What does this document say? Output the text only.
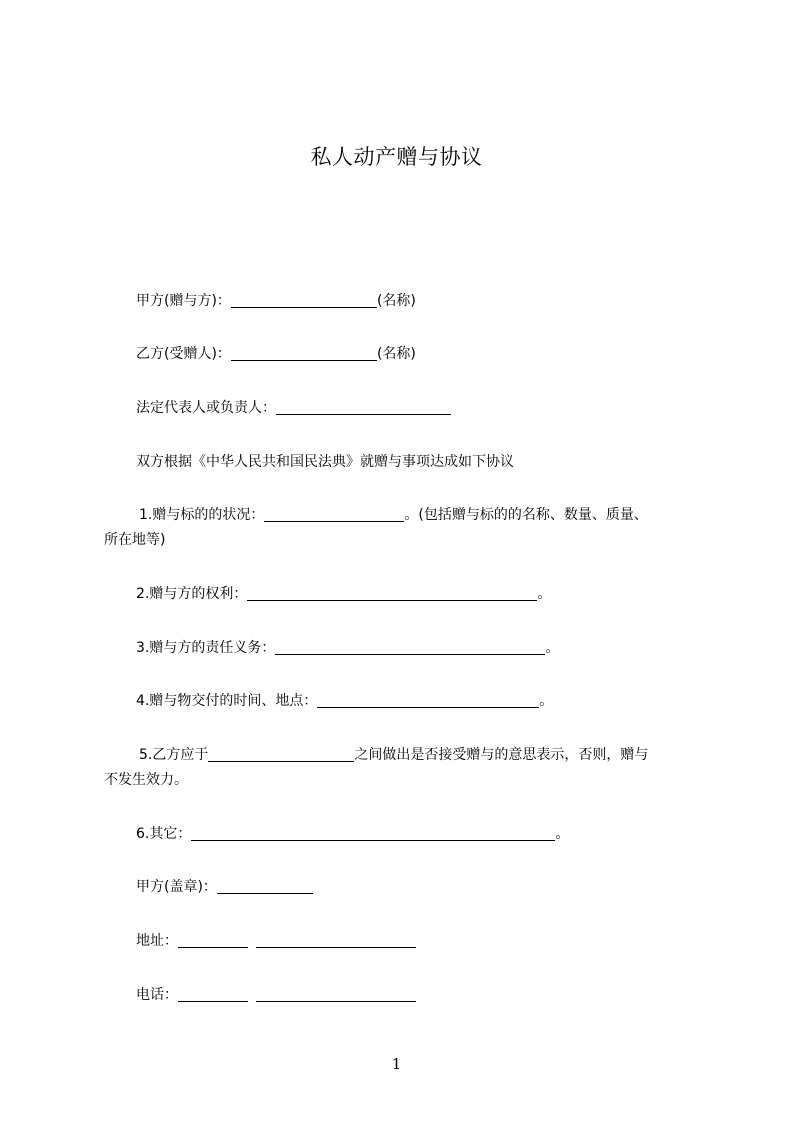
私人动产赠与协议
甲方(赠与方)：	(名称)
乙方(受赠人)：	(名称)
法定代表人或负责人：
双方根据《中华人民共和国民法典》就赠与事项达成如下协议
1.赠与标的的状况：	。(包括赠与标的的名称、数量、质量、
所在地等)
2.赠与方的权利：	。
3.赠与方的责任义务：	。
4.赠与物交付的时间、地点：	。
5.乙方应于	之间做出是否接受赠与的意思表示，否则，赠与
不发生效力。
6.其它：	。
甲方(盖章)：
地址：
电话：
1
